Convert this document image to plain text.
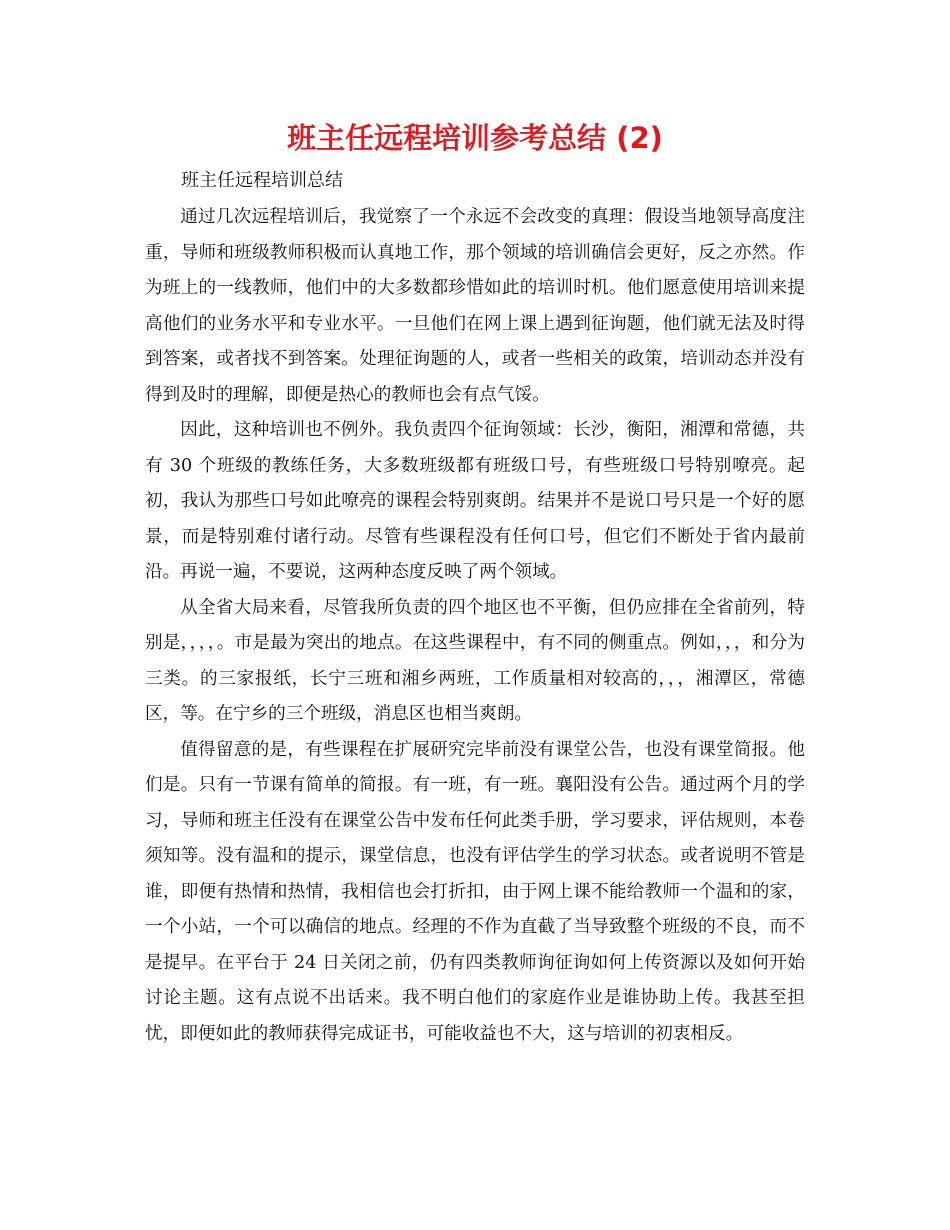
班主任远程培训参考总结 (2)

班主任远程培训总结

通过几次远程培训后，我觉察了一个永远不会改变的真理：假设当地领导高度注重，导师和班级教师积极而认真地工作，那个领域的培训确信会更好，反之亦然。作为班上的一线教师，他们中的大多数都珍惜如此的培训时机。他们愿意使用培训来提高他们的业务水平和专业水平。一旦他们在网上课上遇到征询题，他们就无法及时得到答案，或者找不到答案。处理征询题的人，或者一些相关的政策，培训动态并没有得到及时的理解，即便是热心的教师也会有点气馁。

因此，这种培训也不例外。我负责四个征询领域：长沙，衡阳，湘潭和常德，共有 30 个班级的教练任务，大多数班级都有班级口号，有些班级口号特别嘹亮。起初，我认为那些口号如此嘹亮的课程会特别爽朗。结果并不是说口号只是一个好的愿景，而是特别难付诸行动。尽管有些课程没有任何口号，但它们不断处于省内最前沿。再说一遍，不要说，这两种态度反映了两个领域。

从全省大局来看，尽管我所负责的四个地区也不平衡，但仍应排在全省前列，特别是，，，，。市是最为突出的地点。在这些课程中，有不同的侧重点。例如，，，和分为三类。的三家报纸，长宁三班和湘乡两班，工作质量相对较高的，，，湘潭区，常德区，等。在宁乡的三个班级，消息区也相当爽朗。

值得留意的是，有些课程在扩展研究完毕前没有课堂公告，也没有课堂简报。他们是。只有一节课有简单的简报。有一班，有一班。襄阳没有公告。通过两个月的学习，导师和班主任没有在课堂公告中发布任何此类手册，学习要求，评估规则，本卷须知等。没有温和的提示，课堂信息，也没有评估学生的学习状态。或者说明不管是谁，即便有热情和热情，我相信也会打折扣，由于网上课不能给教师一个温和的家，一个小站，一个可以确信的地点。经理的不作为直截了当导致整个班级的不良，而不是提早。在平台于 24 日关闭之前，仍有四类教师询征询如何上传资源以及如何开始讨论主题。这有点说不出话来。我不明白他们的家庭作业是谁协助上传。我甚至担忧，即便如此的教师获得完成证书，可能收益也不大，这与培训的初衷相反。
